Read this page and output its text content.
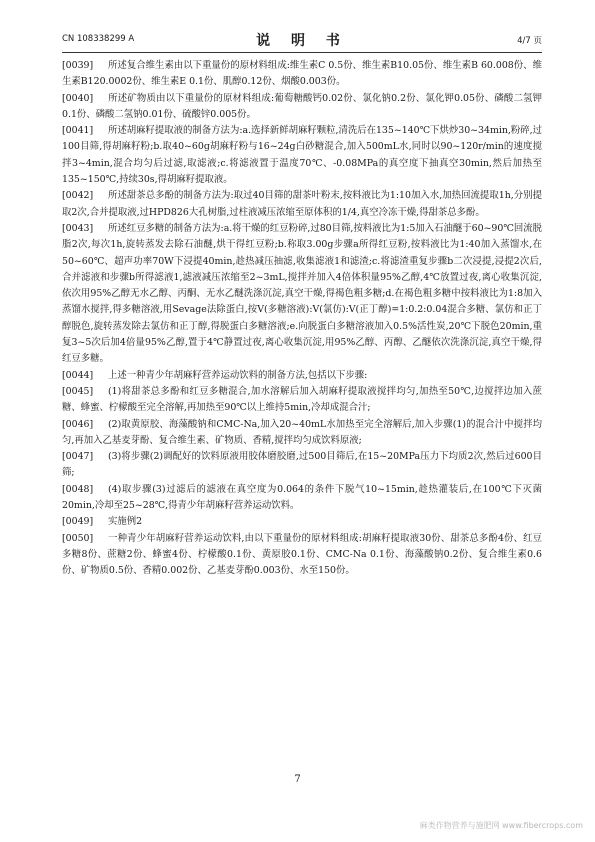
说 明 书
CN 108338299 A	4/7 页

[0039] 所述复合维生素由以下重量份的原材料组成:维生素C 0.5份、维生素B10.05份、维生素B 60.008份、维生素B120.0002份、维生素E 0.1份、肌醇0.12份、烟酸0.003份。

[0040] 所述矿物质由以下重量份的原材料组成:葡萄糖酸钙0.02份、氯化钠0.2份、氯化钾0.05份、磷酸二氢钾0.1份、磷酸二氢钠0.01份、硫酸锌0.005份。

[0041] 所述胡麻籽提取液的制备方法为:a.选择新鲜胡麻籽颗粒,清洗后在135~140℃下烘炒30~34min,粉碎,过100目筛,得胡麻籽粉;b.取40~60g胡麻籽粉与16~24g白砂糖混合,加入500mL水,同时以90~120r/min的速度搅拌3~4min,混合均匀后过滤,取滤液;c.将滤液置于温度70℃、-0.08MPa的真空度下抽真空30min,然后加热至135~150℃,持续30s,得胡麻籽提取液。

[0042] 所述甜茶总多酚的制备方法为:取过40目筛的甜茶叶粉末,按料液比为1:10加入水,加热回流提取1h,分别提取2次,合并提取液,过HPD826大孔树脂,过柱液减压浓缩至原体积的1/4,真空冷冻干燥,得甜茶总多酚。

[0043] 所述红豆多糖的制备方法为:a.将干燥的红豆粉碎,过80目筛,按料液比为1:5加入石油醚于60~90℃回流脱脂2次,每次1h,旋转蒸发去除石油醚,烘干得红豆粉;b.称取3.00g步骤a所得红豆粉,按料液比为1:40加入蒸馏水,在50~60℃、超声功率70W下浸提40min,趁热减压抽滤,收集滤液1和滤渣;c.将滤渣重复步骤b二次浸提,浸提2次后,合并滤液和步骤b所得滤液1,滤液减压浓缩至2~3mL,搅拌并加入4倍体积量95%乙醇,4℃放置过夜,离心收集沉淀,依次用95%乙醇无水乙醇、丙酮、无水乙醚洗涤沉淀,真空干燥,得褐色粗多糖;d.在褐色粗多糖中按料液比为1:8加入蒸馏水搅拌,得多糖溶液,用Sevage法除蛋白,按V(多糖溶液):V(氯仿):V(正丁醇)=1:0.2:0.04混合多糖、氯仿和正丁醇脱色,旋转蒸发除去氯仿和正丁醇,得脱蛋白多糖溶液;e.向脱蛋白多糖溶液加入0.5%活性炭,20℃下脱色20min,重复3~5次后加4倍量95%乙醇,置于4℃静置过夜,离心收集沉淀,用95%乙醇、丙醇、乙醚依次洗涤沉淀,真空干燥,得红豆多糖。

[0044] 上述一种青少年胡麻籽营养运动饮料的制备方法,包括以下步骤:

[0045] (1)将甜茶总多酚和红豆多糖混合,加水溶解后加入胡麻籽提取液搅拌均匀,加热至50℃,边搅拌边加入蔗糖、蜂蜜、柠檬酸至完全溶解,再加热至90℃以上维持5min,冷却成混合汁;

[0046] (2)取黄原胶、海藻酸钠和CMC-Na,加入20~40mL水加热至完全溶解后,加入步骤(1)的混合汁中搅拌均匀,再加入乙基麦芽酚、复合维生素、矿物质、香精,搅拌均匀成饮料原液;

[0047] (3)将步骤(2)调配好的饮料原液用胶体磨胶磨,过500目筛后,在15~20MPa压力下均质2次,然后过600目筛;

[0048] (4)取步骤(3)过滤后的滤液在真空度为0.064的条件下脱气10~15min,趁热灌装后,在100℃下灭菌20min,冷却至25~28℃,得青少年胡麻籽营养运动饮料。

[0049] 实施例2

[0050] 一种青少年胡麻籽营养运动饮料,由以下重量份的原材料组成:胡麻籽提取液30份、甜茶总多酚4份、红豆多糖8份、蔗糖2份、蜂蜜4份、柠檬酸0.1份、黄原胶0.1份、CMC-Na 0.1份、海藻酸钠0.2份、复合维生素0.6份、矿物质0.5份、香精0.002份、乙基麦芽酚0.003份、水至150份。

7
麻类作物营养与施肥网 www.fibercrops.com
